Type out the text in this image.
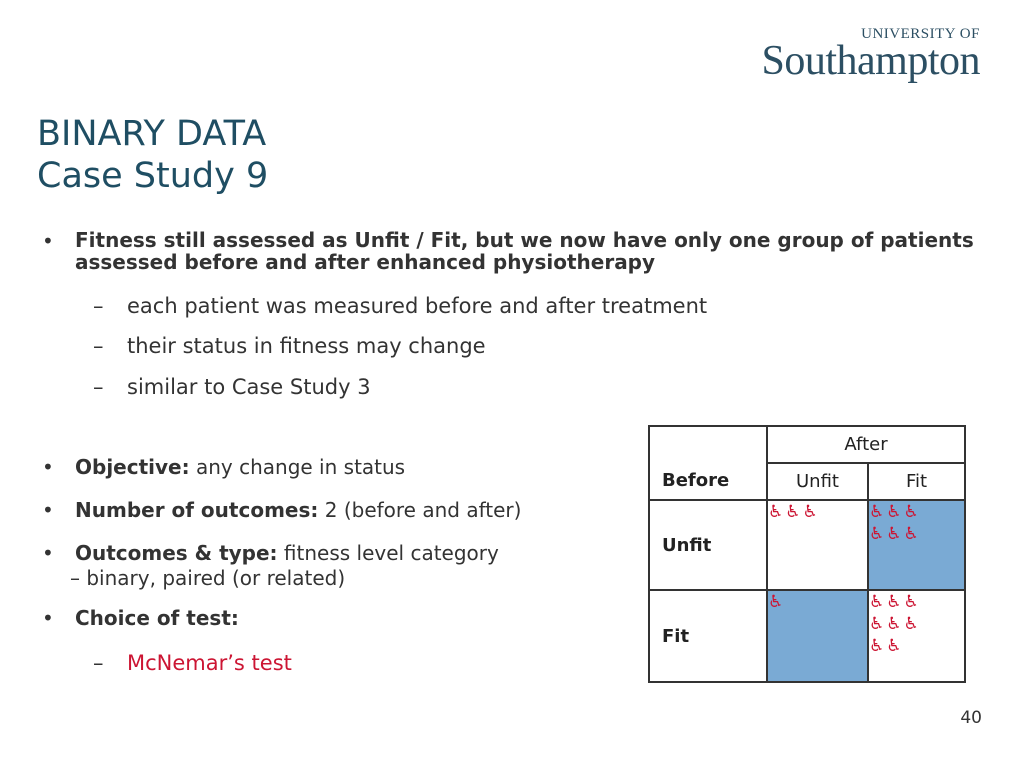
UNIVERSITY OF
Southampton
BINARY DATA
Case Study 9
• Fitness still assessed as Unfit / Fit, but we now have only one group of patients assessed before and after enhanced physiotherapy
– each patient was measured before and after treatment
– their status in fitness may change
– similar to Case Study 3
• Objective: any change in status
• Number of outcomes: 2 (before and after)
• Outcomes & type: fitness level category
– binary, paired (or related)
• Choice of test:
– McNemar’s test
Before	After	
	Unfit	Fit
Unfit	♿♿♿	♿♿♿
♿♿♿
Fit	♿	♿♿♿
♿♿♿
♿♿
40
